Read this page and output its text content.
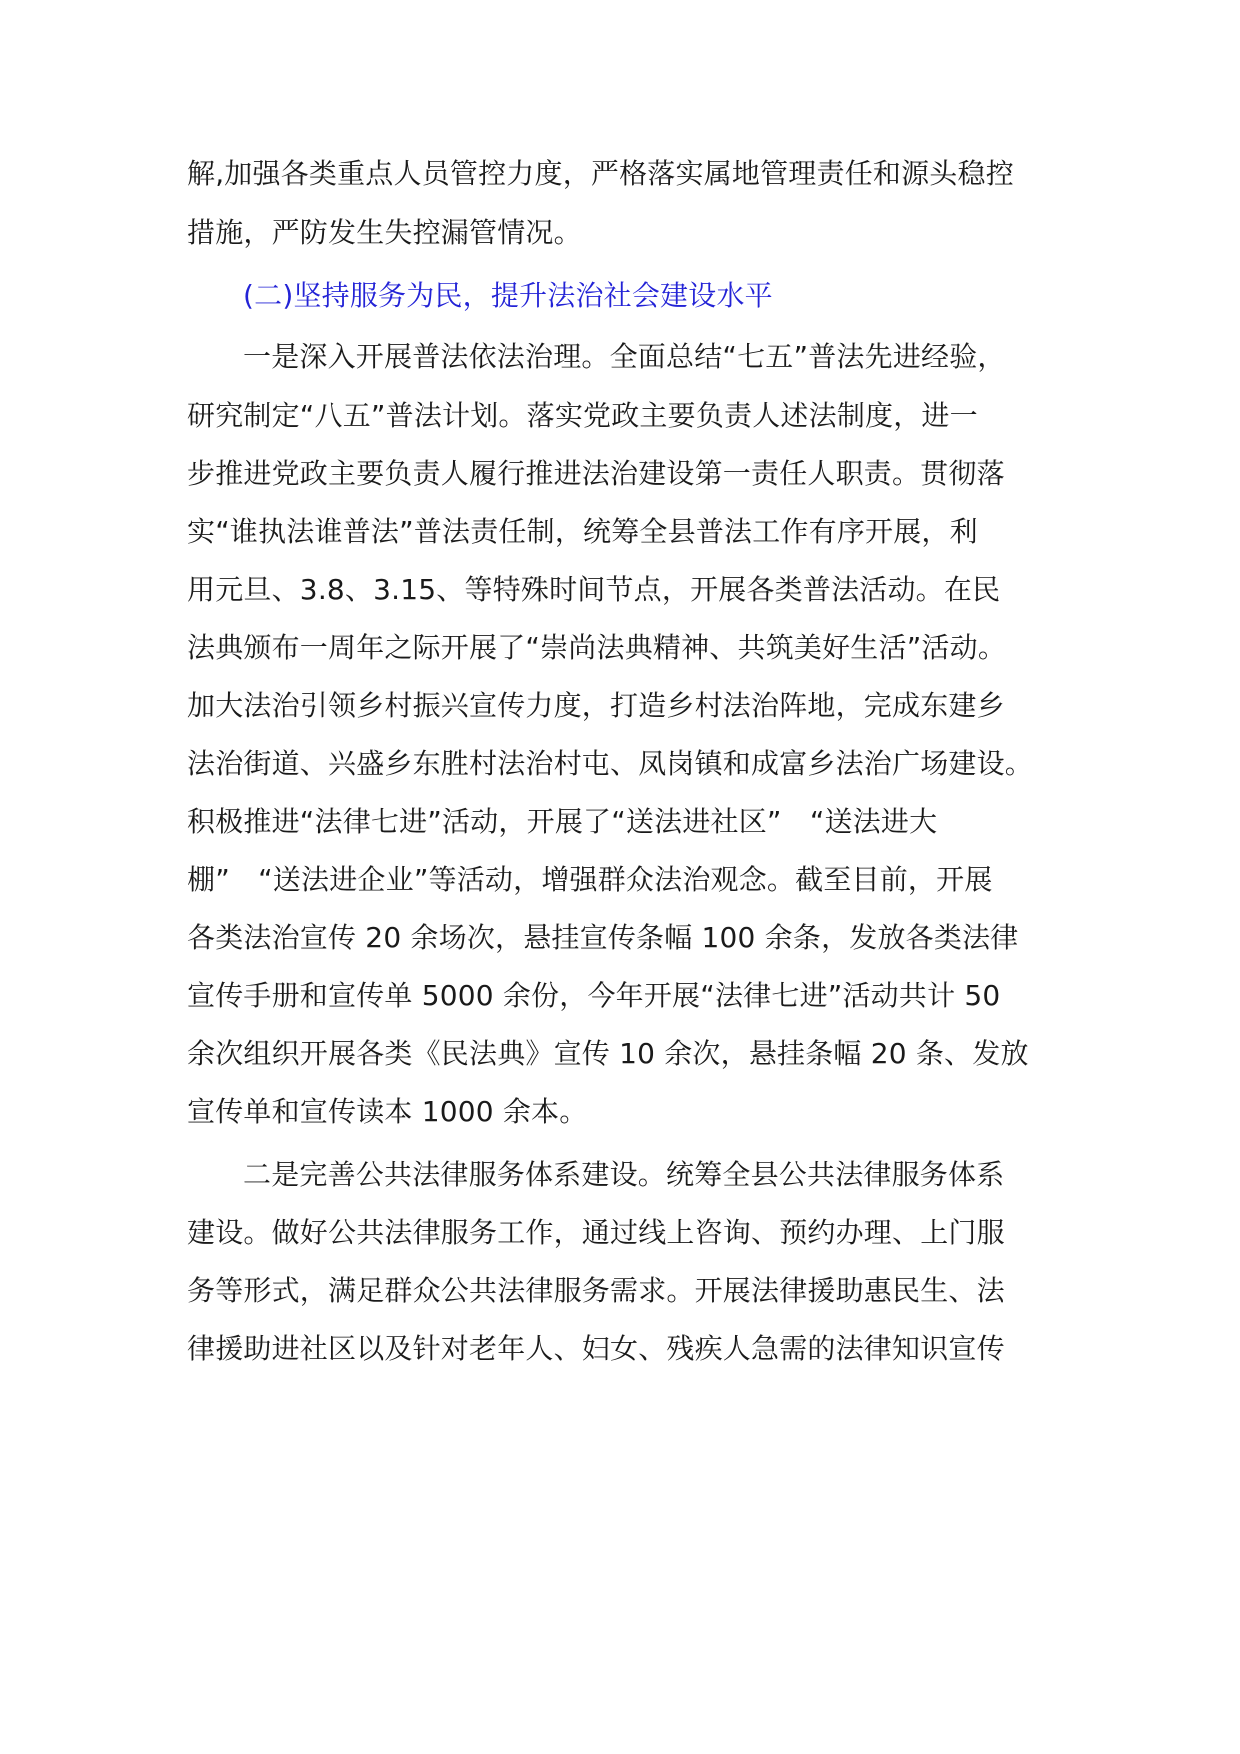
解,加强各类重点人员管控力度，严格落实属地管理责任和源头稳控
措施，严防发生失控漏管情况。
(二)坚持服务为民，提升法治社会建设水平
一是深入开展普法依法治理。全面总结“七五”普法先进经验，
研究制定“八五”普法计划。落实党政主要负责人述法制度，进一
步推进党政主要负责人履行推进法治建设第一责任人职责。贯彻落
实“谁执法谁普法”普法责任制，统筹全县普法工作有序开展，利
用元旦、3.8、3.15、等特殊时间节点，开展各类普法活动。在民
法典颁布一周年之际开展了“崇尚法典精神、共筑美好生活”活动。
加大法治引领乡村振兴宣传力度，打造乡村法治阵地，完成东建乡
法治街道、兴盛乡东胜村法治村屯、凤岗镇和成富乡法治广场建设。
积极推进“法律七进”活动，开展了“送法进社区”　“送法进大
棚”　“送法进企业”等活动，增强群众法治观念。截至目前，开展
各类法治宣传 20 余场次，悬挂宣传条幅 100 余条，发放各类法律
宣传手册和宣传单 5000 余份，今年开展“法律七进”活动共计 50
余次组织开展各类《民法典》宣传 10 余次，悬挂条幅 20 条、发放
宣传单和宣传读本 1000 余本。
二是完善公共法律服务体系建设。统筹全县公共法律服务体系
建设。做好公共法律服务工作，通过线上咨询、预约办理、上门服
务等形式，满足群众公共法律服务需求。开展法律援助惠民生、法
律援助进社区以及针对老年人、妇女、残疾人急需的法律知识宣传
